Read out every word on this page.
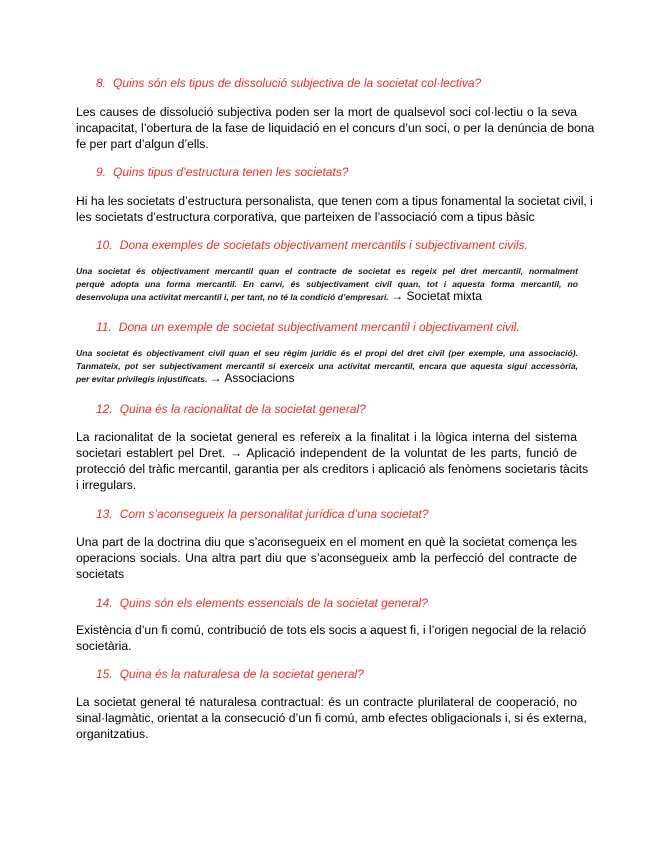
8. Quins són els tipus de dissolució subjectiva de la societat col·lectiva?
Les causes de dissolució subjectiva poden ser la mort de qualsevol soci col·lectiu o la seva
incapacitat, l’obertura de la fase de liquidació en el concurs d’un soci, o per la denúncia de bona
fe per part d’algun d’ells.
9. Quins tipus d’estructura tenen les societats?
Hi ha les societats d’estructura personalista, que tenen com a tipus fonamental la societat civil, i
les societats d’estructura corporativa, que parteixen de l’associació com a tipus bàsic
10. Dona exemples de societats objectivament mercantils i subjectivament civils.
Una societat és objectivament mercantil quan el contracte de societat es regeix pel dret mercantil, normalment
perquè adopta una forma mercantil. En canvi, és subjectivament civil quan, tot i aquesta forma mercantil, no
desenvolupa una activitat mercantil i, per tant, no té la condició d’empresari. → Societat mixta
11. Dona un exemple de societat subjectivament mercantil i objectivament civil.
Una societat és objectivament civil quan el seu règim jurídic és el propi del dret civil (per exemple, una associació).
Tanmateix, pot ser subjectivament mercantil si exerceix una activitat mercantil, encara que aquesta sigui accessòria,
per evitar privilegis injustificats. → Associacions
12. Quina és la racionalitat de la societat general?
La racionalitat de la societat general es refereix a la finalitat i la lògica interna del sistema
societari establert pel Dret. → Aplicació independent de la voluntat de les parts, funció de
protecció del tràfic mercantil, garantia per als creditors i aplicació als fenòmens societaris tàcits
i irregulars.
13. Com s’aconsegueix la personalitat jurídica d’una societat?
Una part de la doctrina diu que s’aconsegueix en el moment en què la societat comença les
operacions socials. Una altra part diu que s’aconsegueix amb la perfecció del contracte de
societats
14. Quins són els elements essencials de la societat general?
Existència d’un fi comú, contribució de tots els socis a aquest fi, i l’origen negocial de la relació
societària.
15. Quina és la naturalesa de la societat general?
La societat general té naturalesa contractual: és un contracte plurilateral de cooperació, no
sinal·lagmàtic, orientat a la consecució d’un fi comú, amb efectes obligacionals i, si és externa,
organitzatius.
